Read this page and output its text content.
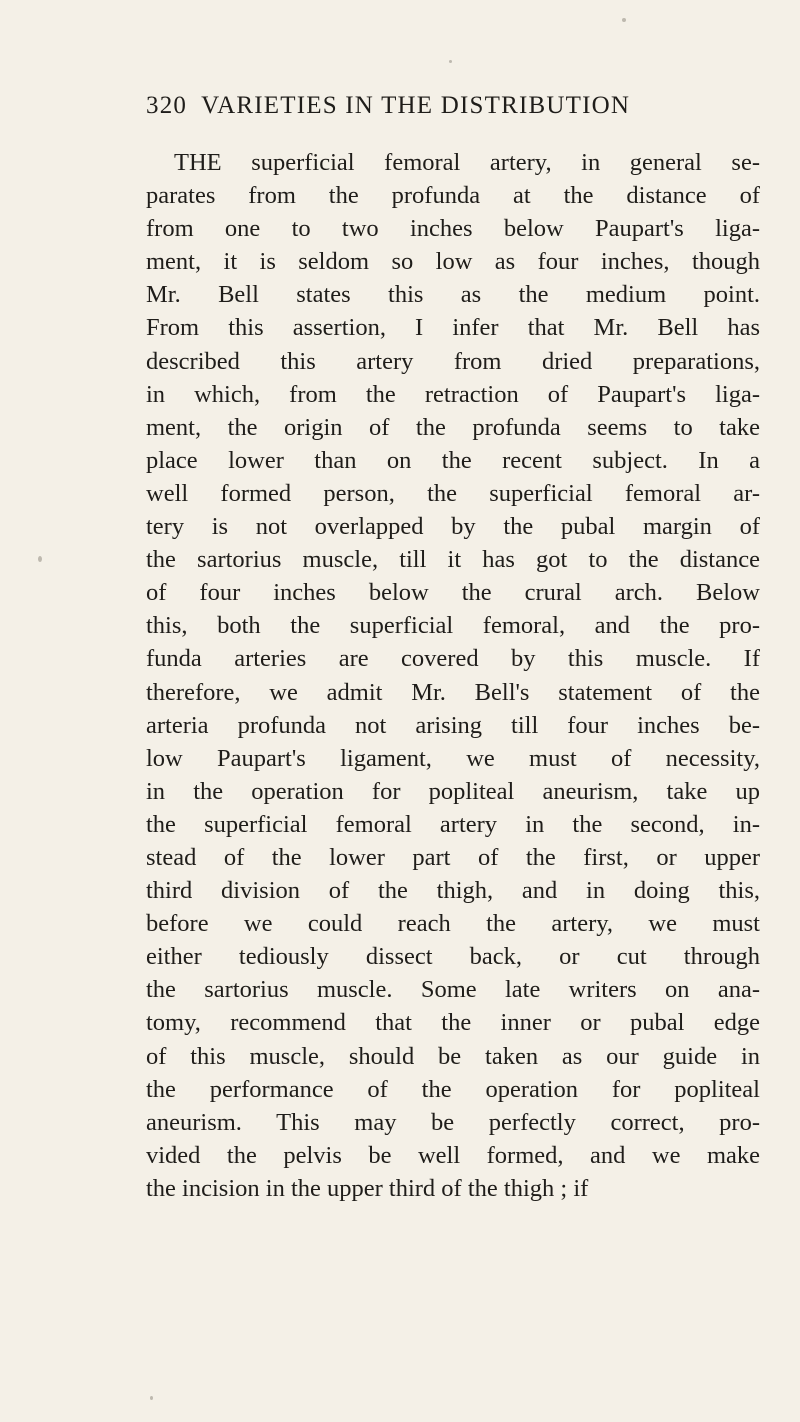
320 VARIETIES IN THE DISTRIBUTION
THE superficial femoral artery, in general se-
parates from the profunda at the distance of
from one to two inches below Paupart's liga-
ment, it is seldom so low as four inches, though
Mr. Bell states this as the medium point.
From this assertion, I infer that Mr. Bell has
described this artery from dried preparations,
in which, from the retraction of Paupart's liga-
ment, the origin of the profunda seems to take
place lower than on the recent subject. In a
well formed person, the superficial femoral ar-
tery is not overlapped by the pubal margin of
the sartorius muscle, till it has got to the distance
of four inches below the crural arch. Below
this, both the superficial femoral, and the pro-
funda arteries are covered by this muscle. If
therefore, we admit Mr. Bell's statement of the
arteria profunda not arising till four inches be-
low Paupart's ligament, we must of necessity,
in the operation for popliteal aneurism, take up
the superficial femoral artery in the second, in-
stead of the lower part of the first, or upper
third division of the thigh, and in doing this,
before we could reach the artery, we must
either tediously dissect back, or cut through
the sartorius muscle. Some late writers on ana-
tomy, recommend that the inner or pubal edge
of this muscle, should be taken as our guide in
the performance of the operation for popliteal
aneurism. This may be perfectly correct, pro-
vided the pelvis be well formed, and we make
the incision in the upper third of the thigh ; if
